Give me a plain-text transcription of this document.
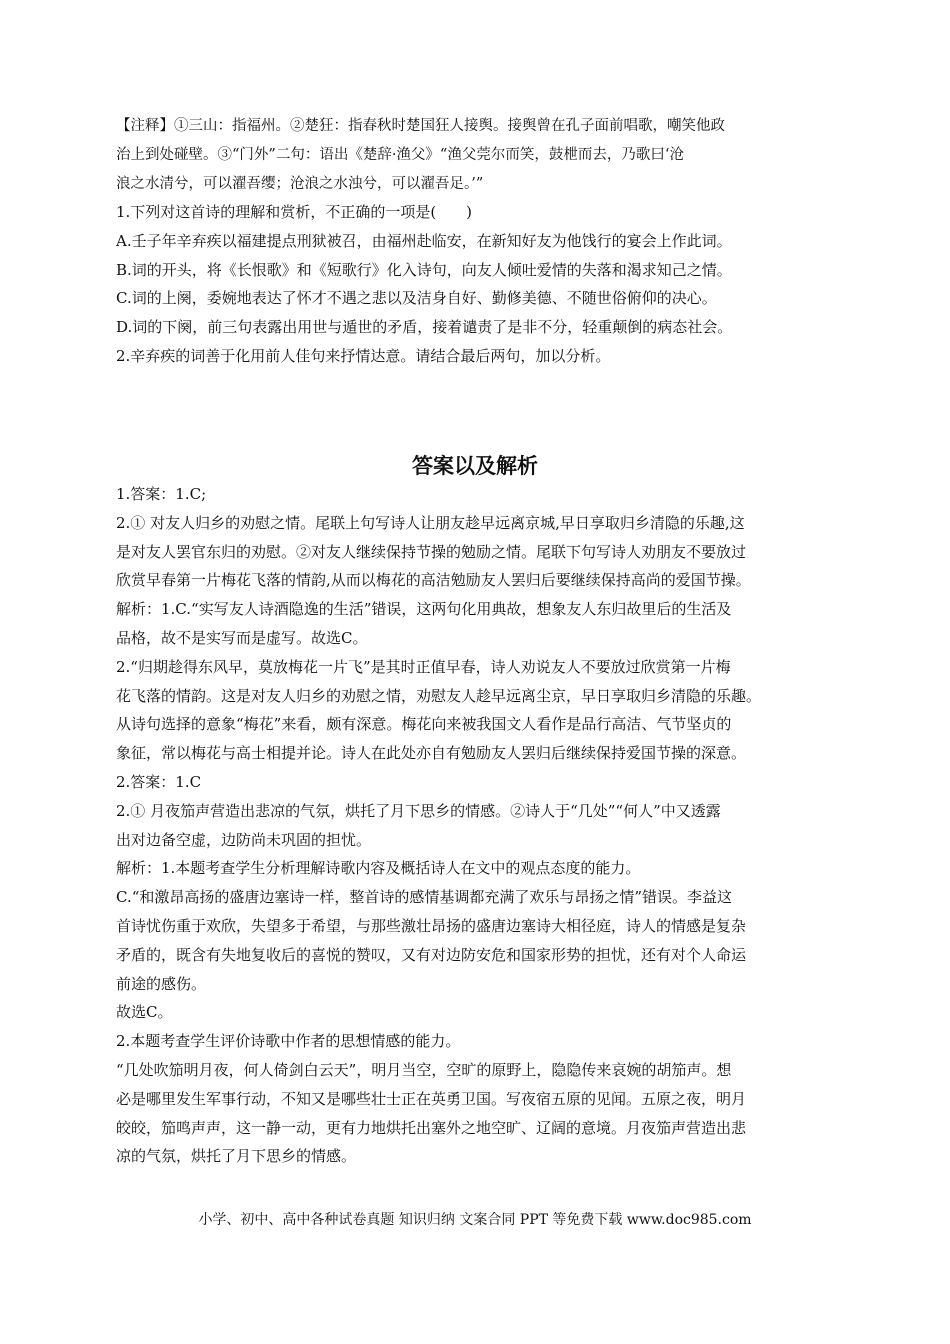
【注释】①三山：指福州。②楚狂：指春秋时楚国狂人接舆。接舆曾在孔子面前唱歌，嘲笑他政
治上到处碰壁。③“门外”二句：语出《楚辞·渔父》“渔父莞尔而笑，鼓枻而去，乃歌曰‘沧
浪之水清兮，可以濯吾缨；沧浪之水浊兮，可以濯吾足。’”
1.下列对这首诗的理解和赏析，不正确的一项是(　　)
A.壬子年辛弃疾以福建提点刑狱被召，由福州赴临安，在新知好友为他饯行的宴会上作此词。
B.词的开头，将《长恨歌》和《短歌行》化入诗句，向友人倾吐爱情的失落和渴求知己之情。
C.词的上阕，委婉地表达了怀才不遇之悲以及洁身自好、勤修美德、不随世俗俯仰的决心。
D.词的下阕，前三句表露出用世与遁世的矛盾，接着谴责了是非不分，轻重颠倒的病态社会。
2.辛弃疾的词善于化用前人佳句来抒情达意。请结合最后两句，加以分析。
答案以及解析
1.答案：1.C;
2.① 对友人归乡的劝慰之情。尾联上句写诗人让朋友趁早远离京城,早日享取归乡清隐的乐趣,这
是对友人罢官东归的劝慰。②对友人继续保持节操的勉励之情。尾联下句写诗人劝朋友不要放过
欣赏早春第一片梅花飞落的情韵,从而以梅花的高洁勉励友人罢归后要继续保持高尚的爱国节操。
解析：1.C.“实写友人诗酒隐逸的生活”错误，这两句化用典故，想象友人东归故里后的生活及
品格，故不是实写而是虚写。故选C。
2.“归期趁得东风早，莫放梅花一片飞”是其时正值早春，诗人劝说友人不要放过欣赏第一片梅
花飞落的情韵。这是对友人归乡的劝慰之情，劝慰友人趁早远离尘京，早日享取归乡清隐的乐趣。
从诗句选择的意象“梅花”来看，颇有深意。梅花向来被我国文人看作是品行高洁、气节坚贞的
象征，常以梅花与高士相提并论。诗人在此处亦自有勉励友人罢归后继续保持爱国节操的深意。
2.答案：1.C
2.① 月夜笳声营造出悲凉的气氛，烘托了月下思乡的情感。②诗人于“几处”“何人”中又透露
出对边备空虚，边防尚未巩固的担忧。
解析：1.本题考查学生分析理解诗歌内容及概括诗人在文中的观点态度的能力。
C.“和激昂高扬的盛唐边塞诗一样，整首诗的感情基调都充满了欢乐与昂扬之情”错误。李益这
首诗忧伤重于欢欣，失望多于希望，与那些激壮昂扬的盛唐边塞诗大相径庭，诗人的情感是复杂
矛盾的，既含有失地复收后的喜悦的赞叹，又有对边防安危和国家形势的担忧，还有对个人命运
前途的感伤。
故选C。
2.本题考查学生评价诗歌中作者的思想情感的能力。
“几处吹笳明月夜，何人倚剑白云天”，明月当空，空旷的原野上，隐隐传来哀婉的胡笳声。想
必是哪里发生军事行动，不知又是哪些壮士正在英勇卫国。写夜宿五原的见闻。五原之夜，明月
皎皎，笳鸣声声，这一静一动，更有力地烘托出塞外之地空旷、辽阔的意境。月夜笳声营造出悲
凉的气氛，烘托了月下思乡的情感。
小学、初中、高中各种试卷真题 知识归纳 文案合同 PPT 等免费下载 www.doc985.com
